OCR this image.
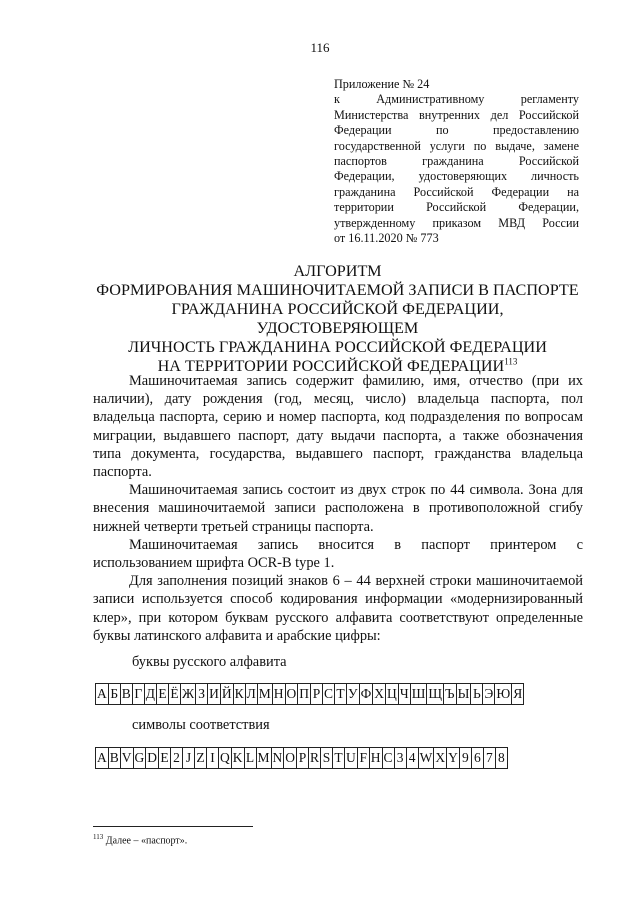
116
Приложение № 24
к Административному регламенту
Министерства внутренних дел Российской
Федерации по предоставлению
государственной услуги по выдаче, замене
паспортов гражданина Российской
Федерации, удостоверяющих личность
гражданина Российской Федерации на
территории Российской Федерации,
утвержденному приказом МВД России
от 16.11.2020 № 773
АЛГОРИТМ
ФОРМИРОВАНИЯ МАШИНОЧИТАЕМОЙ ЗАПИСИ В ПАСПОРТЕ
ГРАЖДАНИНА РОССИЙСКОЙ ФЕДЕРАЦИИ, УДОСТОВЕРЯЮЩЕМ
ЛИЧНОСТЬ ГРАЖДАНИНА РОССИЙСКОЙ ФЕДЕРАЦИИ
НА ТЕРРИТОРИИ РОССИЙСКОЙ ФЕДЕРАЦИИ$^{113}$

Машиночитаемая запись содержит фамилию, имя, отчество (при их наличии), дату рождения (год, месяц, число) владельца паспорта, пол владельца паспорта, серию и номер паспорта, код подразделения по вопросам миграции, выдавшего паспорт, дату выдачи паспорта, а также обозначения типа документа, государства, выдавшего паспорт, гражданства владельца паспорта.

Машиночитаемая запись состоит из двух строк по 44 символа. Зона для внесения машиночитаемой записи расположена в противоположной сгибу нижней четверти третьей страницы паспорта.

Машиночитаемая запись вносится в паспорт принтером с использованием шрифта OCR-B type 1.

Для заполнения позиций знаков 6 – 44 верхней строки машиночитаемой записи используется способ кодирования информации «модернизированный клер», при котором буквам русского алфавита соответствуют определенные буквы латинского алфавита и арабские цифры:

буквы русского алфавита
А Б В Г Д Е Ё Ж З И Й К Л М Н О П Р С Т У Ф Х Ц Ч Ш Щ Ъ Ы Ь Э Ю Я
символы соответствия
A B V G D E 2 J Z I Q K L M N O P R S T U F H C 3 4 W X Y 9 6 7 8
$^{113}$ Далее – «паспорт».
